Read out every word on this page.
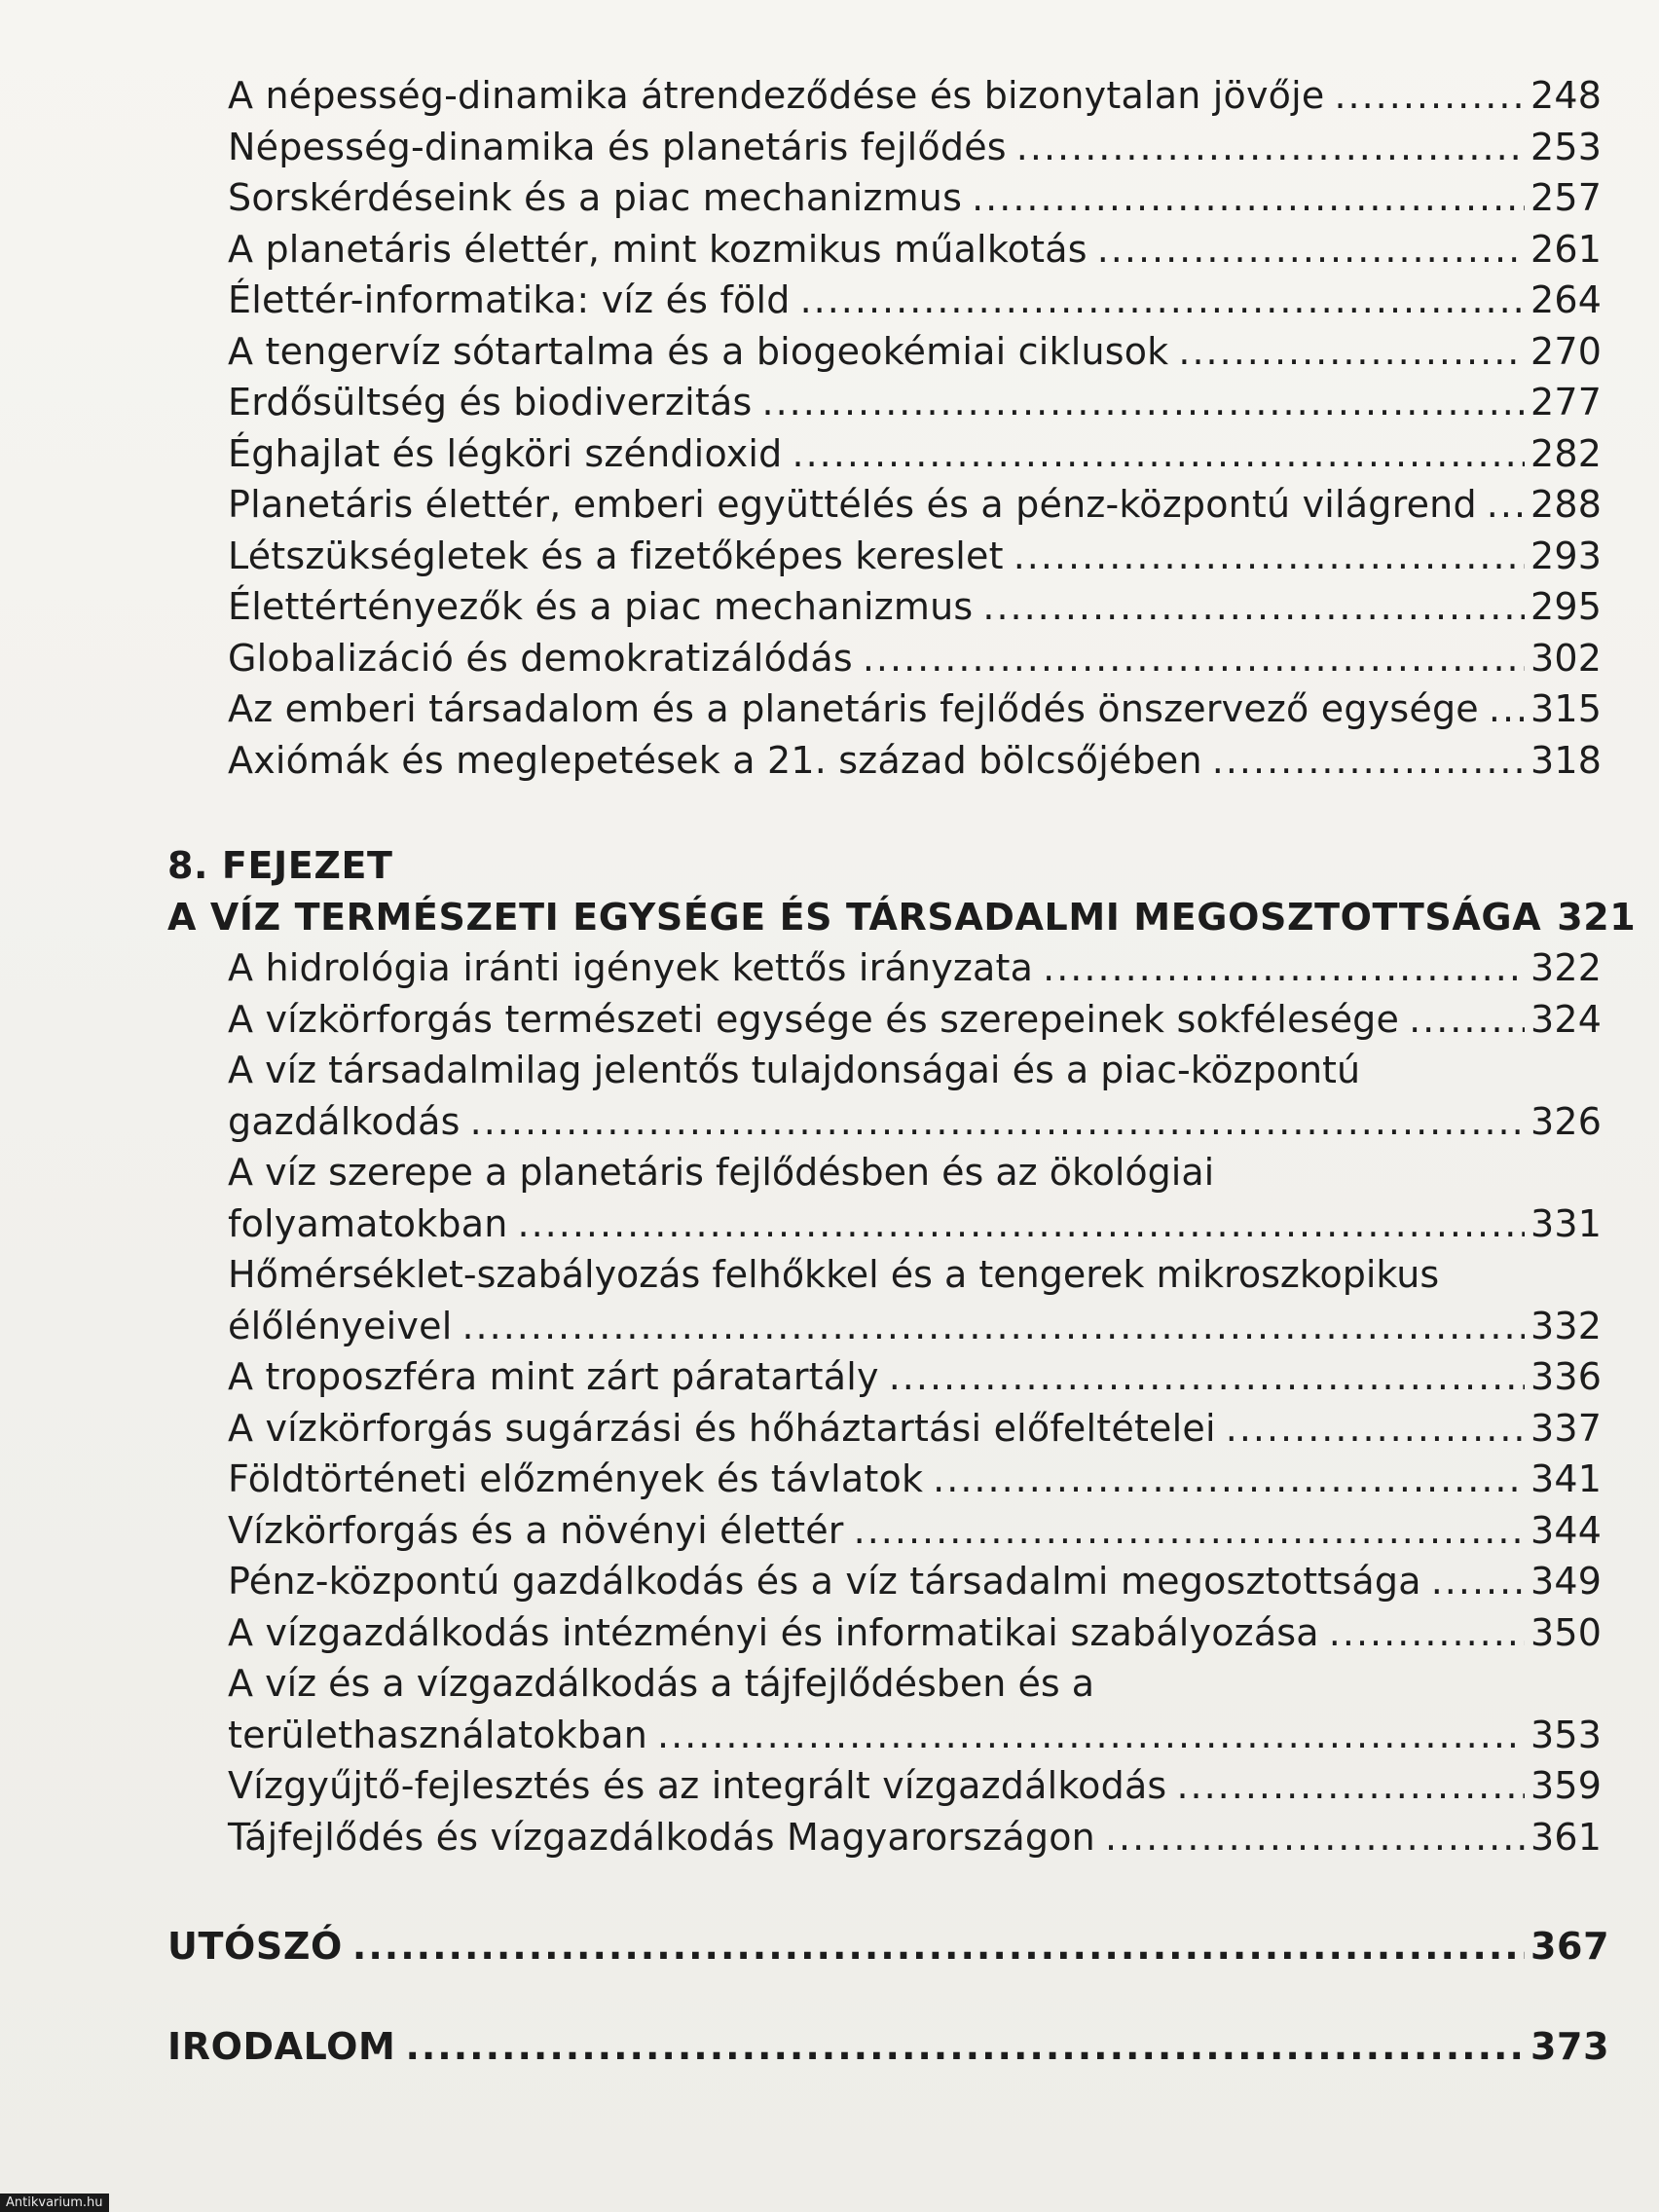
A népesség-dinamika átrendeződése és bizonytalan jövője .....	248
Népesség-dinamika és planetáris fejlődés .....	253
Sorskérdéseink és a piac mechanizmus .....	257
A planetáris élettér, mint kozmikus műalkotás .....	261
Élettér-informatika: víz és föld .....	264
A tengervíz sótartalma és a biogeokémiai ciklusok .....	270
Erdősültség és biodiverzitás .....	277
Éghajlat és légköri széndioxid .....	282
Planetáris élettér, emberi együttélés és a pénz-központú világrend ..... 288
Létszükségletek és a fizetőképes kereslet .....	293
Élettértényezők és a piac mechanizmus .....	295
Globalizáció és demokratizálódás .....	302
Az emberi társadalom és a planetáris fejlődés önszervező egysége ..... 315
Axiómák és meglepetések a 21. század bölcsőjében .....	318
8. FEJEZET
A VÍZ TERMÉSZETI EGYSÉGE ÉS TÁRSADALMI MEGOSZTOTTSÁGA 321
A hidrológia iránti igények kettős irányzata .....	322
A vízkörforgás természeti egysége és szerepeinek sokfélesége .....	324
A víz társadalmilag jelentős tulajdonságai és a piac-központú
gazdálkodás .....	326
A víz szerepe a planetáris fejlődésben és az ökológiai
folyamatokban .....	331
Hőmérséklet-szabályozás felhőkkel és a tengerek mikroszkopikus
élőlényeivel .....	332
A troposzféra mint zárt páratartály .....	336
A vízkörforgás sugárzási és hőháztartási előfeltételei .....	337
Földtörténeti előzmények és távlatok .....	341
Vízkörforgás és a növényi élettér .....	344
Pénz-központú gazdálkodás és a víz társadalmi megosztottsága .....	349
A vízgazdálkodás intézményi és informatikai szabályozása .....	350
A víz és a vízgazdálkodás a tájfejlődésben és a
területhasználatokban .....	353
Vízgyűjtő-fejlesztés és az integrált vízgazdálkodás .....	359
Tájfejlődés és vízgazdálkodás Magyarországon .....	361
UTÓSZÓ .....	367
IRODALOM .....	373
Antikvarium.hu
